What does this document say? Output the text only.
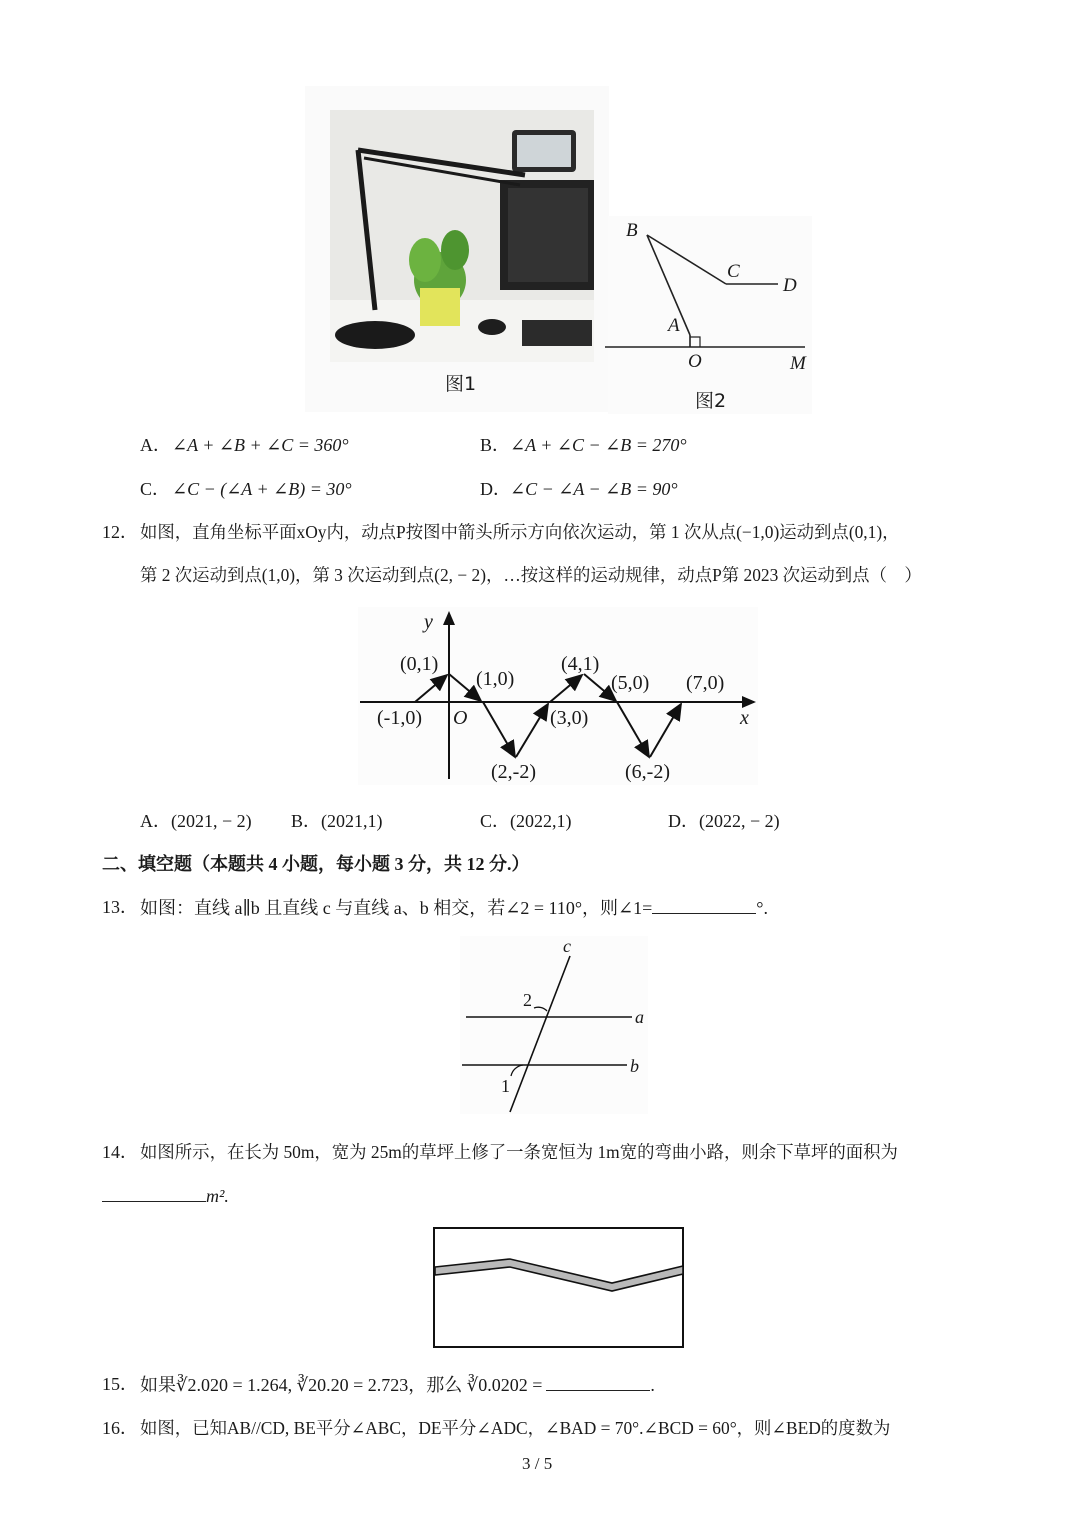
图1
B
C
D
A
O	M
图2
A． ∠A + ∠B + ∠C = 360°	B． ∠A + ∠C − ∠B = 270°
C． ∠C − (∠A + ∠B) = 30°	D． ∠C − ∠A − ∠B = 90°
12． 如图，直角坐标平面xOy内，动点P按图中箭头所示方向依次运动，第 1 次从点(−1,0)运动到点(0,1)，
第 2 次运动到点(1,0)，第 3 次运动到点(2, − 2)，…按这样的运动规律，动点P第 2023 次运动到点（　）
y
x
O
(0,1)
(1,0)
(4,1)
(5,0) (7,0)
(-1,0)	(3,0)
(2,-2)	(6,-2)
A．(2021, − 2) B．(2021,1)	C．(2022,1)	D．(2022, − 2)
二、填空题（本题共 4 小题，每小题 3 分，共 12 分.）
13． 如图：直线 a∥b 且直线 c 与直线 a、b 相交，若∠2 = 110°，则∠1=	°.
c
a
b
2
1
14． 如图所示，在长为 50m，宽为 25m的草坪上修了一条宽恒为 1m宽的弯曲小路，则余下草坪的面积为
m².
15． 如果∛2.020 = 1.264, ∛20.20 = 2.723，那么 ∛0.0202 =	.
16． 如图，已知AB//CD, BE平分∠ABC，DE平分∠ADC，∠BAD = 70°.∠BCD = 60°，则∠BED的度数为
3 / 5
